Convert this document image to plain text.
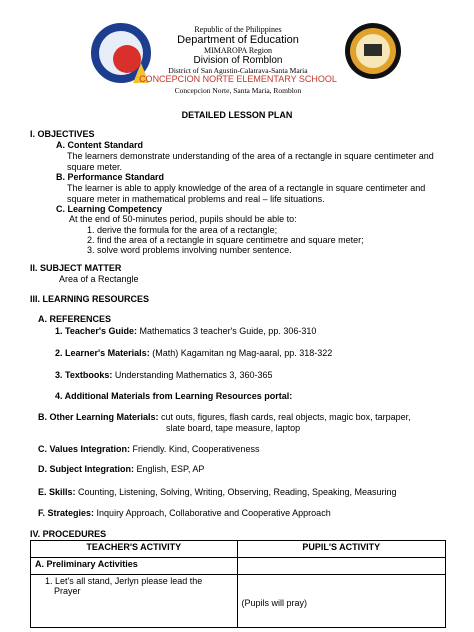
Republic of the Philippines
Department of Education
MIMAROPA Region
Division of Romblon
District of San Agustin-Calatrava-Santa Maria
CONCEPCION NORTE ELEMENTARY SCHOOL
Concepcion Norte, Santa Maria, Romblon
DETAILED LESSON PLAN
I. OBJECTIVES
A. Content Standard
The learners demonstrate understanding of the area of a rectangle in square centimeter and
square meter.
B. Performance Standard
The learner is able to apply knowledge of the area of a rectangle in square centimeter and
square meter in mathematical problems and real – life situations.
C. Learning Competency
At the end of 50-minutes period, pupils should be able to:
1. derive the formula for the area of a rectangle;
2. find the area of a rectangle in square centimetre and square meter;
3. solve word problems involving number sentence.
II. SUBJECT MATTER
Area of a Rectangle
III. LEARNING RESOURCES
A. REFERENCES
1. Teacher's Guide: Mathematics 3 teacher's Guide, pp. 306-310
2. Learner's Materials: (Math) Kagamitan ng Mag-aaral, pp. 318-322
3. Textbooks: Understanding Mathematics 3, 360-365
4. Additional Materials from Learning Resources portal:
B. Other Learning Materials: cut outs, figures, flash cards, real objects, magic box, tarpaper,
slate board, tape measure, laptop
C. Values Integration: Friendly. Kind, Cooperativeness
D. Subject Integration: English, ESP, AP
E. Skills: Counting, Listening, Solving, Writing, Observing, Reading, Speaking, Measuring
F. Strategies: Inquiry Approach, Collaborative and Cooperative Approach
IV. PROCEDURES
TEACHER'S ACTIVITY	PUPIL'S ACTIVITY
A. Preliminary Activities	

1. Let's all stand, Jerlyn please lead the
Prayer	(Pupils will pray)
